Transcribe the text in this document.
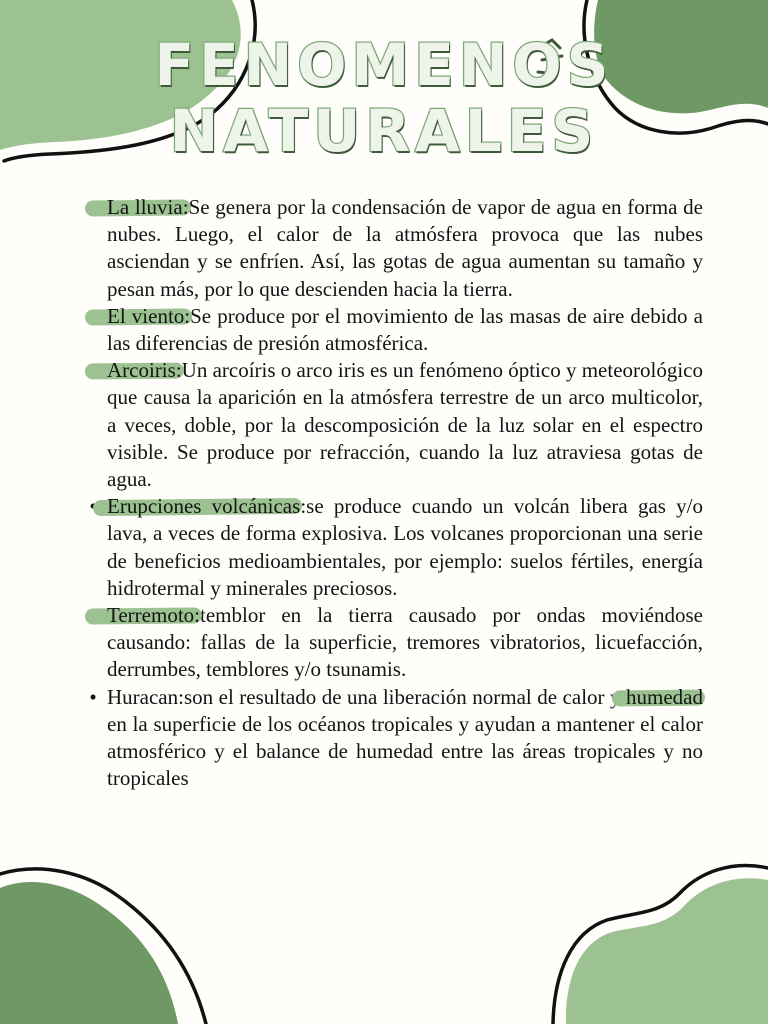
FENOMENOS
NATURALES
• La lluvia:Se genera por la condensación de vapor de agua en forma de nubes. Luego, el calor de la atmósfera provoca que las nubes asciendan y se enfríen. Así, las gotas de agua aumentan su tamaño y pesan más, por lo que descienden hacia la tierra.
• El viento:Se produce por el movimiento de las masas de aire debido a las diferencias de presión atmosférica.
• Arcoiris:Un arcoíris o arco iris es un fenómeno óptico y meteorológico que causa la aparición en la atmósfera terrestre de un arco multicolor, a veces, doble, por la descomposición de la luz solar en el espectro visible. Se produce por refracción, cuando la luz atraviesa gotas de agua.
• Erupciones volcánicas:se produce cuando un volcán libera gas y/o lava, a veces de forma explosiva. Los volcanes proporcionan una serie de beneficios medioambientales, por ejemplo: suelos fértiles, energía hidrotermal y minerales preciosos.
• Terremoto:temblor en la tierra causado por ondas moviéndose causando: fallas de la superficie, tremores vibratorios, licuefacción, derrumbes, temblores y/o tsunamis.
• Huracan:son el resultado de una liberación normal de calor y humedad en la superficie de los océanos tropicales y ayudan a mantener el calor atmosférico y el balance de humedad entre las áreas tropicales y no tropicales
